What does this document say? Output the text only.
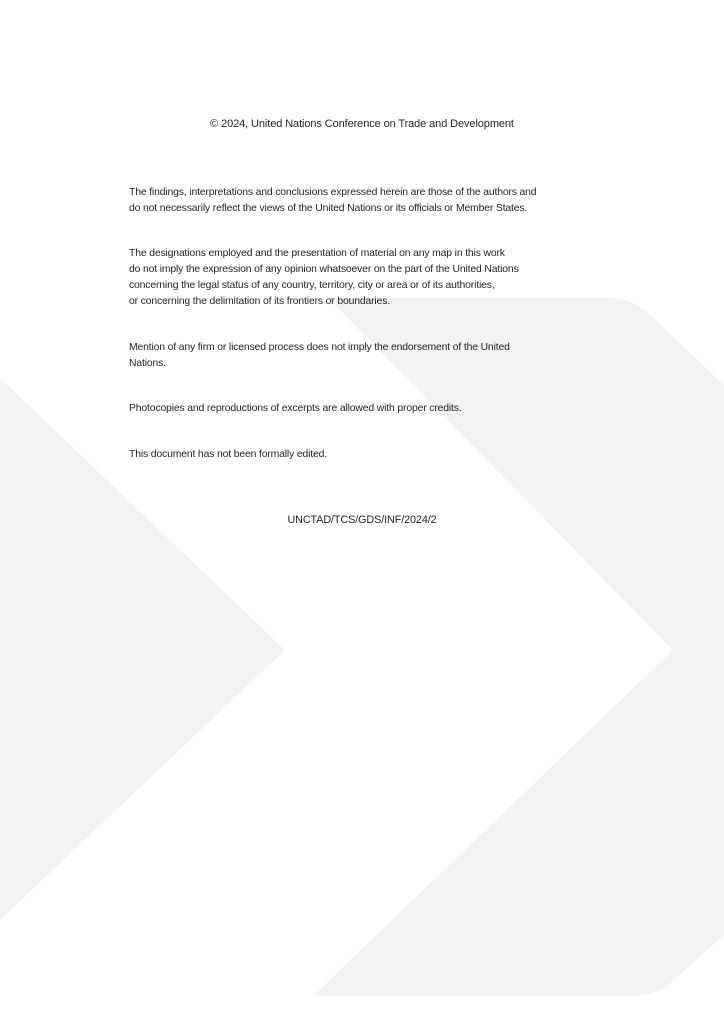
© 2024, United Nations Conference on Trade and Development

The findings, interpretations and conclusions expressed herein are those of the authors and
do not necessarily reflect the views of the United Nations or its officials or Member States.

The designations employed and the presentation of material on any map in this work
do not imply the expression of any opinion whatsoever on the part of the United Nations
concerning the legal status of any country, territory, city or area or of its authorities,
or concerning the delimitation of its frontiers or boundaries.

Mention of any firm or licensed process does not imply the endorsement of the United
Nations.

Photocopies and reproductions of excerpts are allowed with proper credits.

This document has not been formally edited.

UNCTAD/TCS/GDS/INF/2024/2
